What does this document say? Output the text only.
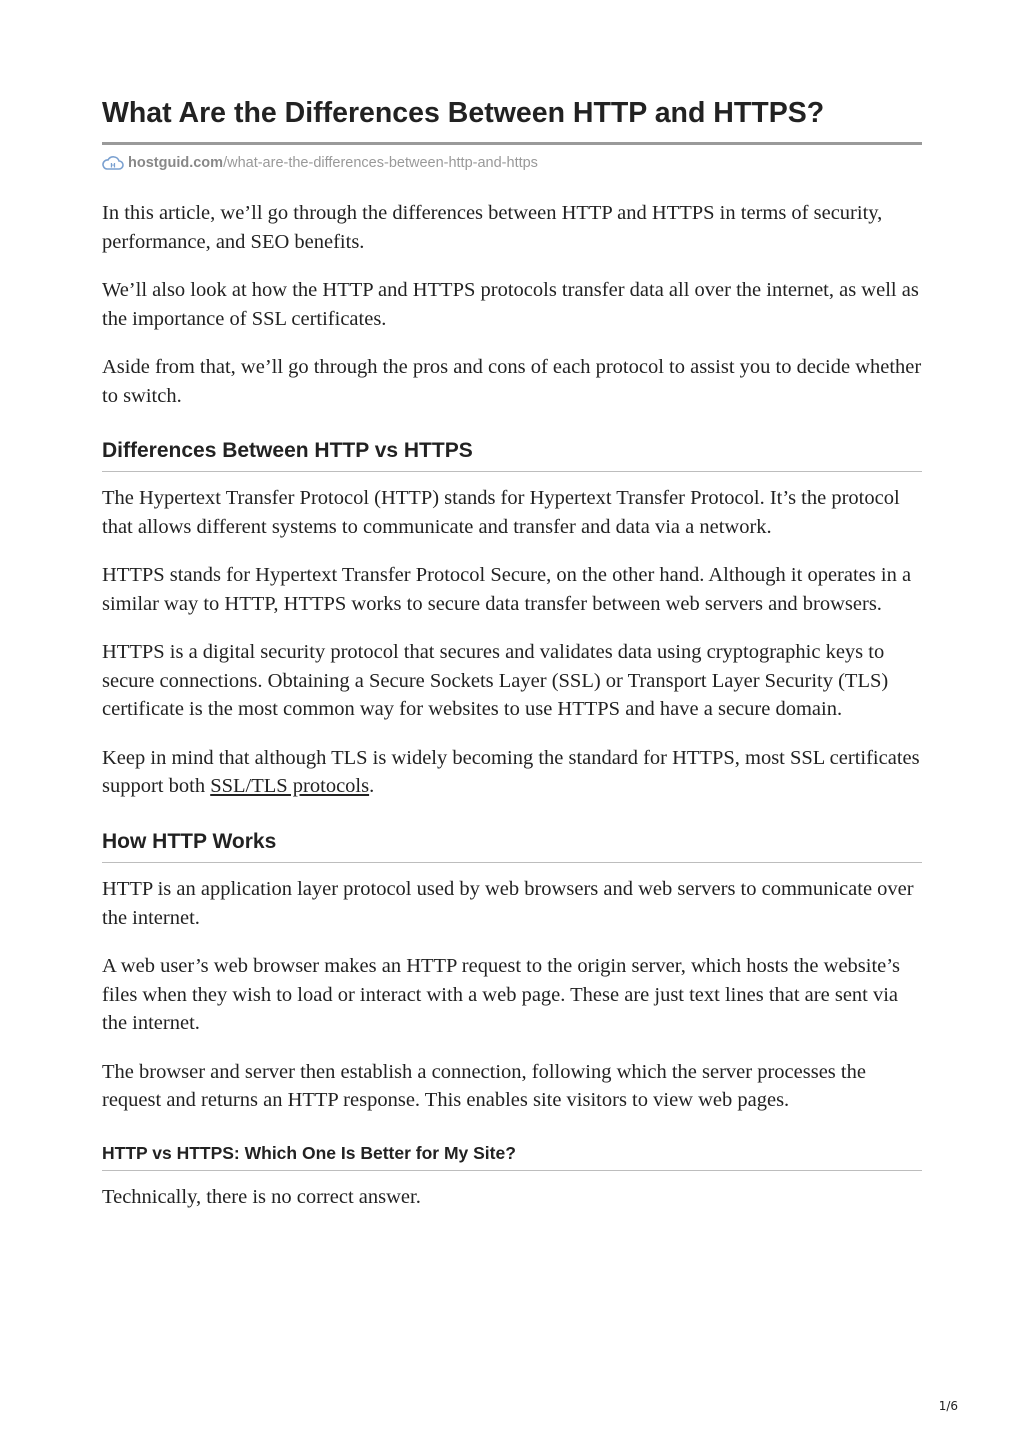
What Are the Differences Between HTTP and HTTPS?
H hostguid.com /what-are-the-differences-between-http-and-https

In this article, we’ll go through the differences between HTTP and HTTPS in terms of security, performance, and SEO benefits.

We’ll also look at how the HTTP and HTTPS protocols transfer data all over the internet, as well as the importance of SSL certificates.

Aside from that, we’ll go through the pros and cons of each protocol to assist you to decide whether to switch.

Differences Between HTTP vs HTTPS

The Hypertext Transfer Protocol (HTTP) stands for Hypertext Transfer Protocol. It’s the protocol that allows different systems to communicate and transfer and data via a network.

HTTPS stands for Hypertext Transfer Protocol Secure, on the other hand. Although it operates in a similar way to HTTP, HTTPS works to secure data transfer between web servers and browsers.

HTTPS is a digital security protocol that secures and validates data using cryptographic keys to secure connections. Obtaining a Secure Sockets Layer (SSL) or Transport Layer Security (TLS) certificate is the most common way for websites to use HTTPS and have a secure domain.

Keep in mind that although TLS is widely becoming the standard for HTTPS, most SSL certificates support both SSL/TLS protocols.

How HTTP Works

HTTP is an application layer protocol used by web browsers and web servers to communicate over the internet.

A web user’s web browser makes an HTTP request to the origin server, which hosts the website’s files when they wish to load or interact with a web page. These are just text lines that are sent via the internet.

The browser and server then establish a connection, following which the server processes the request and returns an HTTP response. This enables site visitors to view web pages.

HTTP vs HTTPS: Which One Is Better for My Site?

Technically, there is no correct answer.

1/6
